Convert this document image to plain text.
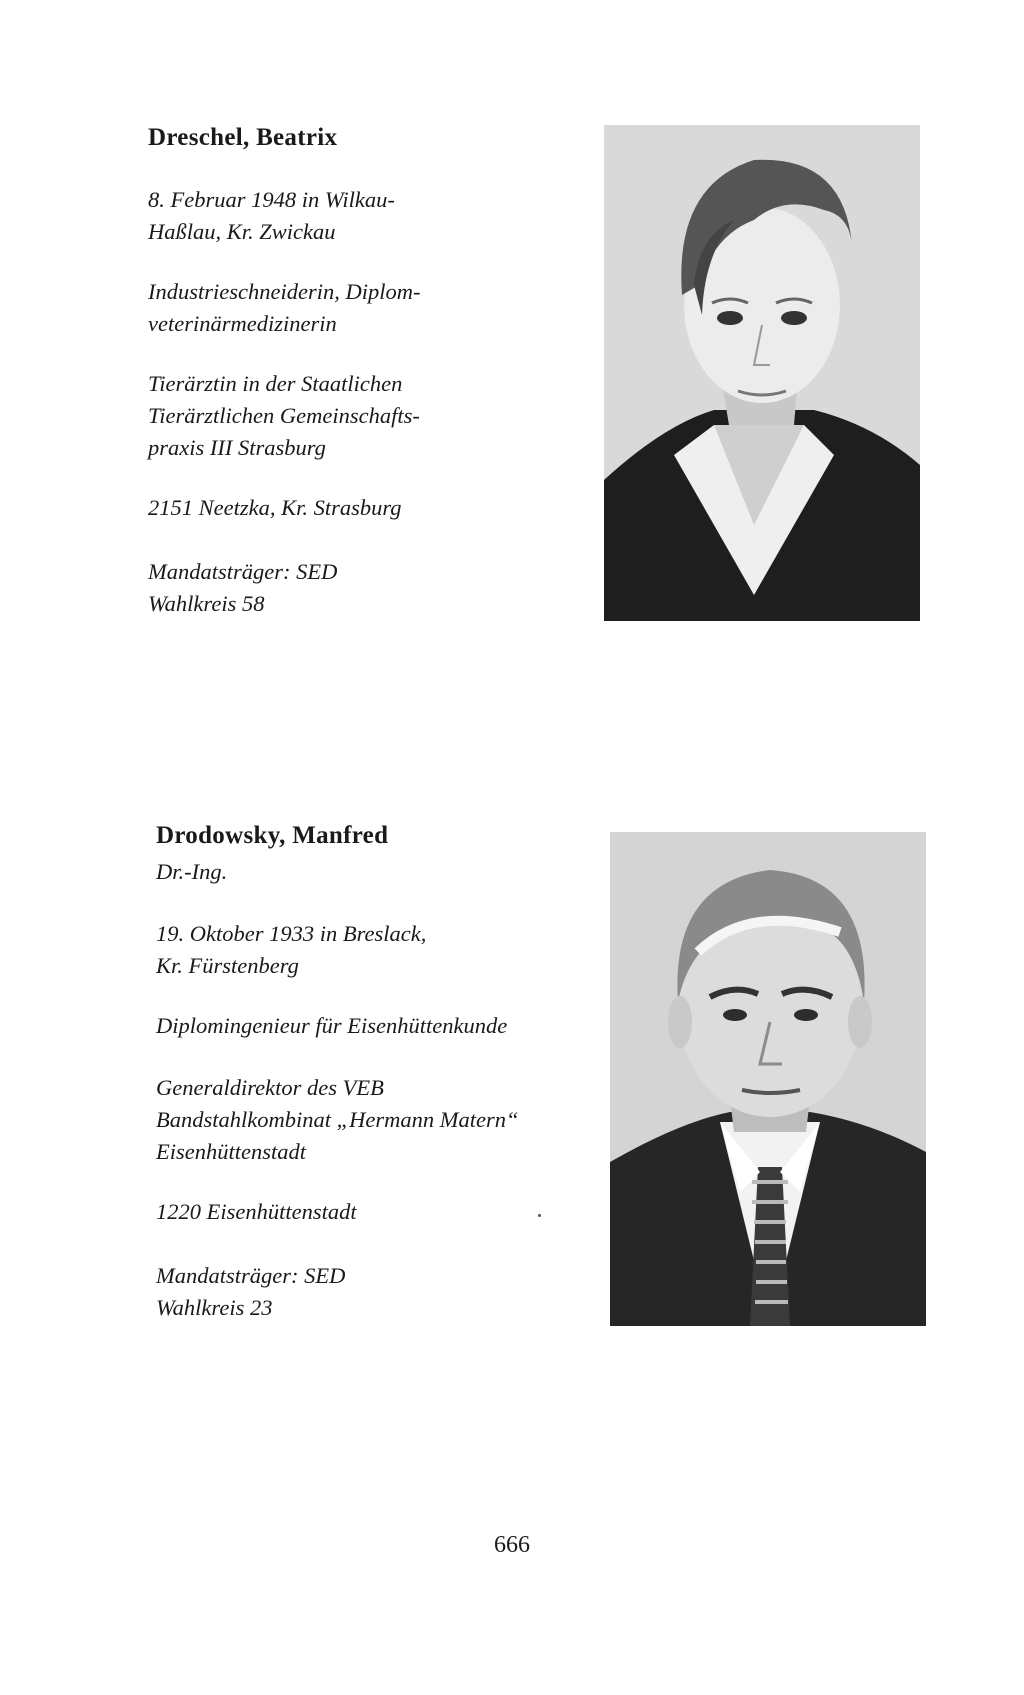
Dreschel, Beatrix

8. Februar 1948 in Wilkau-
Haßlau, Kr. Zwickau

Industrieschneiderin, Diplom-
veterinärmedizinerin

Tierärztin in der Staatlichen
Tierärztlichen Gemeinschafts-
praxis III Strasburg

2151 Neetzka, Kr. Strasburg

Mandatsträger: SED
Wahlkreis 58

Drodowsky, Manfred

Dr.-Ing.

19. Oktober 1933 in Breslack,
Kr. Fürstenberg

Diplomingenieur für Eisenhüttenkunde

Generaldirektor des VEB
Bandstahlkombinat „Hermann Matern“
Eisenhüttenstadt

1220 Eisenhüttenstadt

Mandatsträger: SED
Wahlkreis 23

666
